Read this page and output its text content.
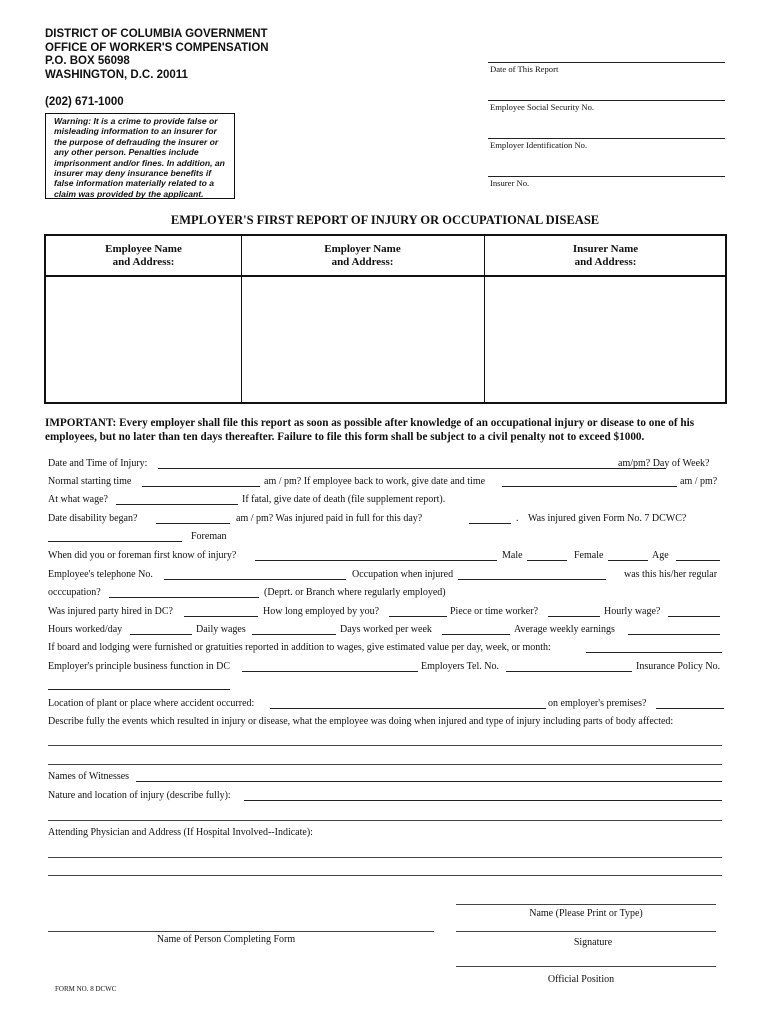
DISTRICT OF COLUMBIA GOVERNMENT
OFFICE OF WORKER'S COMPENSATION
P.O. BOX 56098
WASHINGTON, D.C. 20011
(202) 671-1000
Warning: It is a crime to provide false or misleading information to an insurer for the purpose of defrauding the insurer or any other person. Penalties include imprisonment and/or fines. In addition, an insurer may deny insurance benefits if false information materially related to a claim was provided by the applicant.
Date of This Report
Employee Social Security No.
Employer Identification No.
Insurer No.
EMPLOYER'S FIRST REPORT OF INJURY OR OCCUPATIONAL DISEASE
Employee Name
and Address:
Employer Name
and Address:
Insurer Name
and Address:
IMPORTANT: Every employer shall file this report as soon as possible after knowledge of an occupational injury or disease to one of his employees, but no later than ten days thereafter. Failure to file this form shall be subject to a civil penalty not to exceed $1000.
Date and Time of Injury:	am/pm? Day of Week?
Normal starting time	am / pm? If employee back to work, give date and time	am / pm?
At what wage?	If fatal, give date of death (file supplement report).
Date disability began?	am / pm? Was injured paid in full for this day?	. Was injured given Form No. 7 DCWC?
Foreman
When did you or foreman first know of injury?	Male	Female	Age
Employee's telephone No.	Occupation when injured	was this his/her regular
occcupation?	(Deprt. or Branch where regularly employed)
Was injured party hired in DC?	How long employed by you?	Piece or time worker?	Hourly wage?
Hours worked/day	Daily wages	Days worked per week	Average weekly earnings
If board and lodging were furnished or gratuities reported in addition to wages, give estimated value per day, week, or month:
Employer's principle business function in DC	Employers Tel. No.	Insurance Policy No.
Location of plant or place where accident occurred:	on employer's premises?
Describe fully the events which resulted in injury or disease, what the employee was doing when injured and type of injury including parts of body affected:
Names of Witnesses
Nature and location of injury (describe fully):
Attending Physician and Address (If Hospital Involved--Indicate):
Name (Please Print or Type)
Name of Person Completing Form	Signature
Official Position
FORM NO. 8 DCWC
